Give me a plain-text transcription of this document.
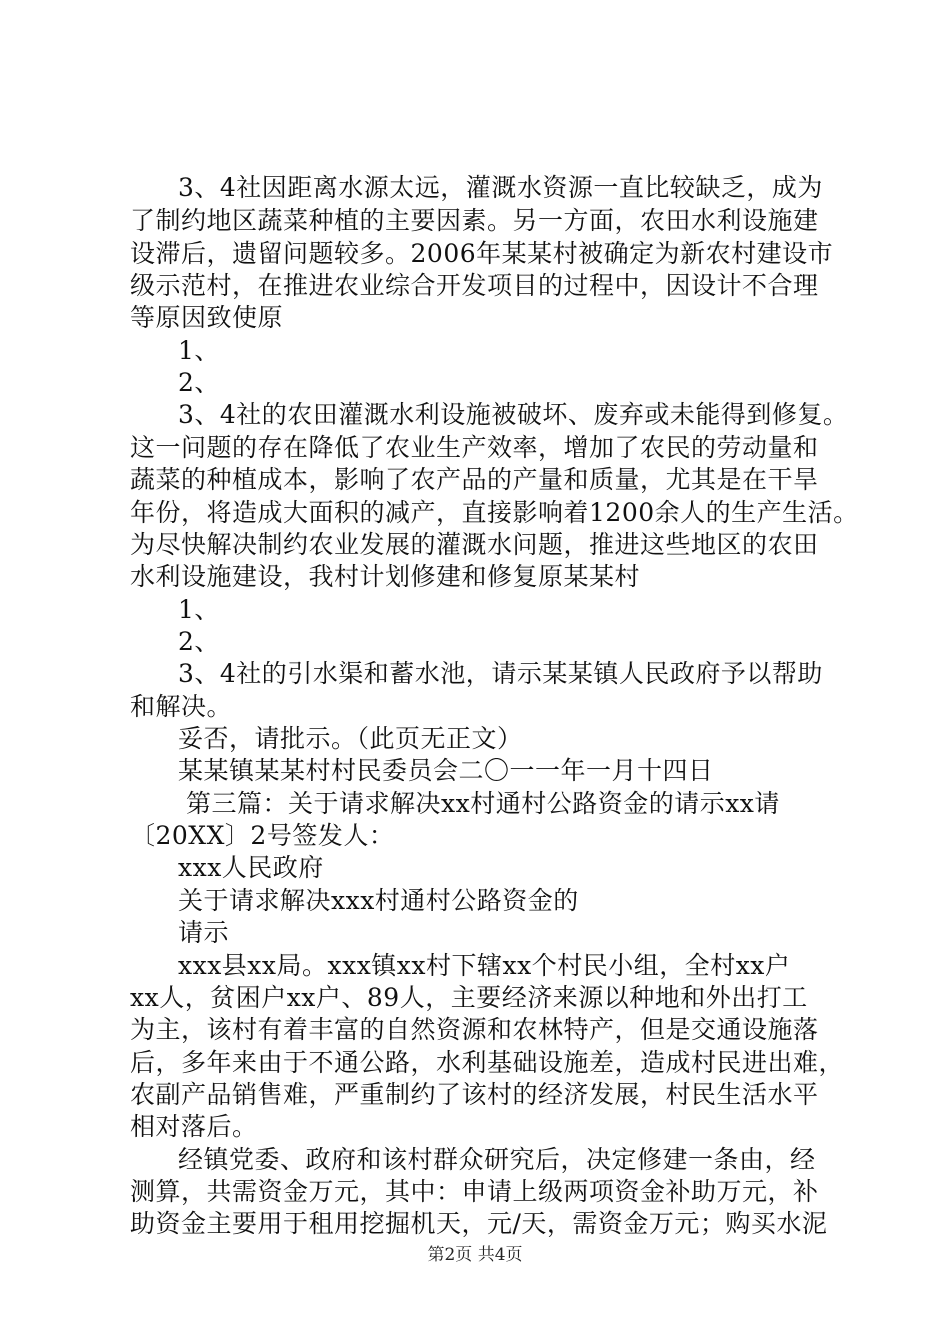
3、4社因距离水源太远，灌溉水资源一直比较缺乏，成为
了制约地区蔬菜种植的主要因素。另一方面，农田水利设施建
设滞后，遗留问题较多。2006年某某村被确定为新农村建设市
级示范村，在推进农业综合开发项目的过程中，因设计不合理
等原因致使原
1、
2、
3、4社的农田灌溉水利设施被破坏、废弃或未能得到修复。
这一问题的存在降低了农业生产效率，增加了农民的劳动量和
蔬菜的种植成本，影响了农产品的产量和质量，尤其是在干旱
年份，将造成大面积的减产，直接影响着1200余人的生产生活。
为尽快解决制约农业发展的灌溉水问题，推进这些地区的农田
水利设施建设，我村计划修建和修复原某某村
1、
2、
3、4社的引水渠和蓄水池，请示某某镇人民政府予以帮助
和解决。
妥否，请批示。（此页无正文）
某某镇某某村村民委员会二〇一一年一月十四日
第三篇：关于请求解决xx村通村公路资金的请示xx请
〔20XX〕2号签发人：
xxx人民政府
关于请求解决xxx村通村公路资金的
请示
xxx县xx局。xxx镇xx村下辖xx个村民小组，全村xx户
xx人，贫困户xx户、89人，主要经济来源以种地和外出打工
为主，该村有着丰富的自然资源和农林特产，但是交通设施落
后，多年来由于不通公路，水利基础设施差，造成村民进出难，
农副产品销售难，严重制约了该村的经济发展，村民生活水平
相对落后。
经镇党委、政府和该村群众研究后，决定修建一条由，经
测算，共需资金万元，其中：申请上级两项资金补助万元，补
助资金主要用于租用挖掘机天，元/天，需资金万元；购买水泥
第2页 共4页
